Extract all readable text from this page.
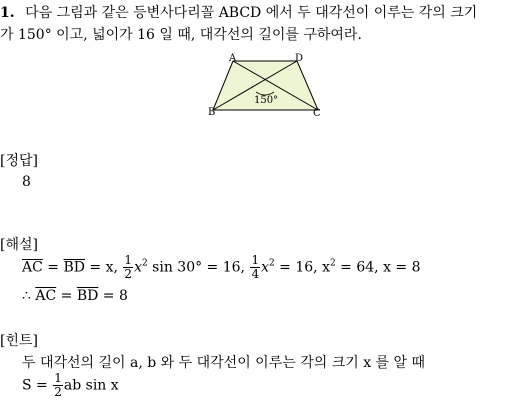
1. 다음 그림과 같은 등변사다리꼴 ABCD 에서 두 대각선이 이루는 각의 크기
가 150° 이고, 넓이가 16 일 때, 대각선의 길이를 구하여라.
A	D
B	C
150°
[정답]
8
[해설]
$\overline{AC} = \overline{BD} = x$, $\frac{1}{2} x^2$ sin 30° = 16, $\frac{1}{4} x^2 = 16$, $x^2 = 64$, x = 8
∴ $\overline{AC} = \overline{BD} = 8$
[힌트]
두 대각선의 길이 a, b 와 두 대각선이 이루는 각의 크기 x 를 알 때
$S = \frac{1}{2}$ ab sin x
